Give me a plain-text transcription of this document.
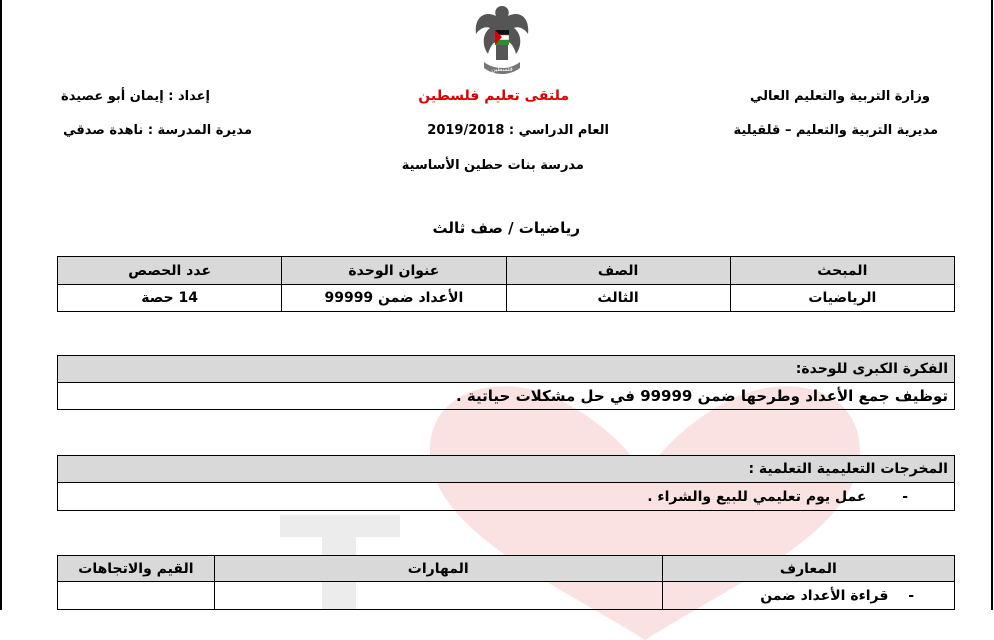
فلسطين
وزارة التربية والتعليم العالي
مديرية التربية والتعليم – قلقيلية
ملتقى تعليم فلسطين
العام الدراسي : 2019/2018
مدرسة بنات حطين الأساسية
إعداد : إيمان أبو عصيدة
مديرة المدرسة : ناهدة صدقي
رياضيات / صف ثالث
المبحث	الصف	عنوان الوحدة	عدد الحصص
الرياضيات	الثالث	الأعداد ضمن 99999	14 حصة
الفكرة الكبرى للوحدة:
توظيف جمع الأعداد وطرحها ضمن 99999 في حل مشكلات حياتية .
المخرجات التعليمية التعلمية :
-  عمل يوم تعليمي للبيع والشراء .
المعارف	المهارات	القيم والاتجاهات
-  قراءة الأعداد ضمن		
